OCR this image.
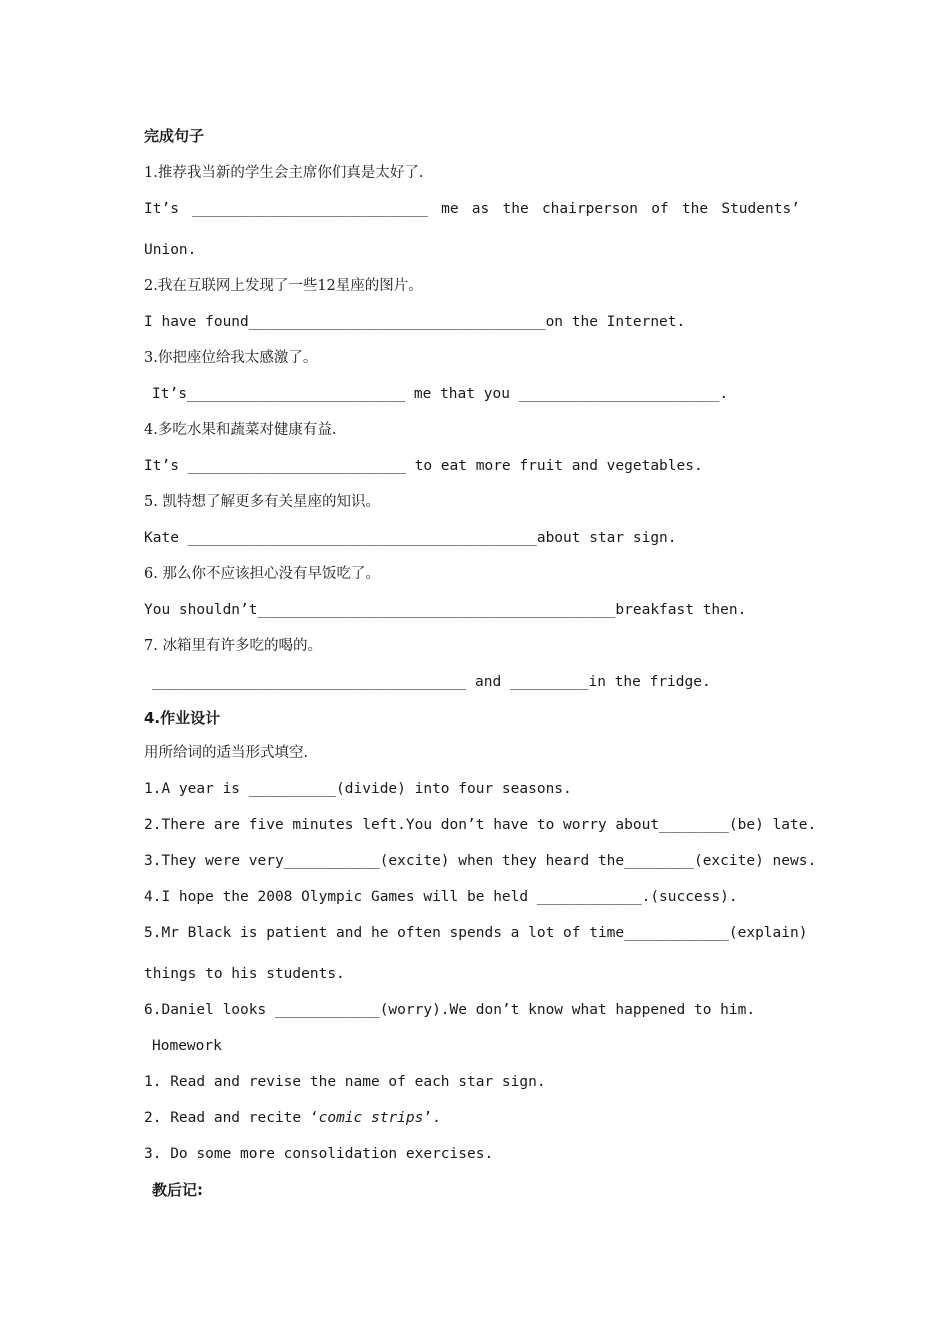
完成句子
1.推荐我当新的学生会主席你们真是太好了.
It’s ___________________________ me as the chairperson of the Students’
Union.
2.我在互联网上发现了一些12星座的图片。
I have found__________________________________on the Internet.
3.你把座位给我太感激了。
It’s_________________________ me that you _______________________.
4.多吃水果和蔬菜对健康有益.
It’s _________________________ to eat more fruit and vegetables.
5. 凯特想了解更多有关星座的知识。
Kate ________________________________________about star sign.
6. 那么你不应该担心没有早饭吃了。
You shouldn’t_________________________________________breakfast then.
7. 冰箱里有许多吃的喝的。
____________________________________ and _________in the fridge.
4.作业设计
用所给词的适当形式填空.
1.A year is __________(divide) into four seasons.
2.There are five minutes left.You don’t have to worry about________(be) late.
3.They were very___________(excite) when they heard the________(excite) news.
4.I hope the 2008 Olympic Games will be held ____________.(success).
5.Mr Black is patient and he often spends a lot of time____________(explain)
things to his students.
6.Daniel looks ____________(worry).We don’t know what happened to him.
Homework
1. Read and revise the name of each star sign.
2. Read and recite ‘comic strips’.
3. Do some more consolidation exercises.
教后记:
